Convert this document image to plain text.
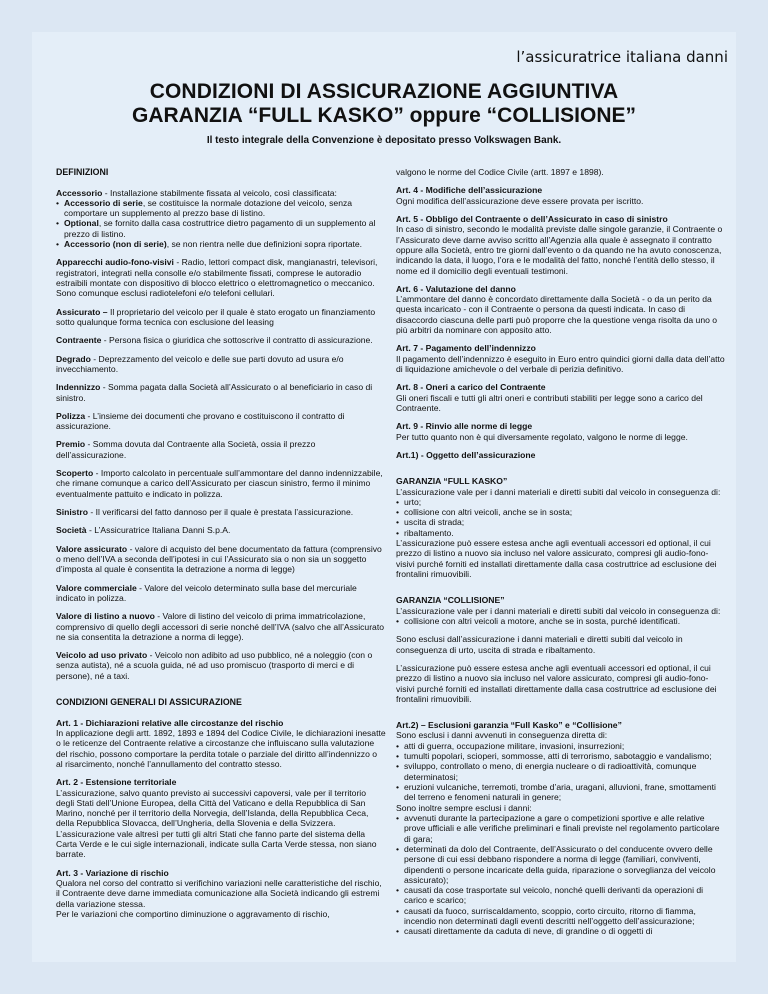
l’assicuratrice italiana danni
CONDIZIONI DI ASSICURAZIONE AGGIUNTIVA
GARANZIA “FULL KASKO” oppure “COLLISIONE”
Il testo integrale della Convenzione è depositato presso Volkswagen Bank.
DEFINIZIONI

Accessorio - Installazione stabilmente fissata al veicolo, così classificata:

• Accessorio di serie, se costituisce la normale dotazione del veicolo, senza comportare un supplemento al prezzo base di listino.
• Optional, se fornito dalla casa costruttrice dietro pagamento di un supplemento al prezzo di listino.
• Accessorio (non di serie), se non rientra nelle due definizioni sopra riportate.

Apparecchi audio-fono-visivi - Radio, lettori compact disk, mangianastri, televisori, registratori, integrati nella consolle e/o stabilmente fissati, comprese le autoradio estraibili montate con dispositivo di blocco elettrico o elettromagnetico o meccanico. Sono comunque esclusi radiotelefoni e/o telefoni cellulari.

Assicurato – Il proprietario del veicolo per il quale è stato erogato un finanziamento sotto qualunque forma tecnica con esclusione del leasing

Contraente - Persona fisica o giuridica che sottoscrive il contratto di assicurazione.

Degrado - Deprezzamento del veicolo e delle sue parti dovuto ad usura e/o invecchiamento.

Indennizzo - Somma pagata dalla Società all’Assicurato o al beneficiario in caso di sinistro.

Polizza - L’insieme dei documenti che provano e costituiscono il contratto di assicurazione.

Premio - Somma dovuta dal Contraente alla Società, ossia il prezzo dell’assicurazione.

Scoperto - Importo calcolato in percentuale sull’ammontare del danno indennizzabile, che rimane comunque a carico dell’Assicurato per ciascun sinistro, fermo il minimo eventualmente pattuito e indicato in polizza.

Sinistro - Il verificarsi del fatto dannoso per il quale è prestata l’assicurazione.

Società - L’Assicuratrice Italiana Danni S.p.A.

Valore assicurato - valore di acquisto del bene documentato da fattura (comprensivo o meno dell’IVA a seconda dell’ipotesi in cui l’Assicurato sia o non sia un soggetto d’imposta al quale è consentita la detrazione a norma di legge)

Valore commerciale - Valore del veicolo determinato sulla base del mercuriale indicato in polizza.

Valore di listino a nuovo - Valore di listino del veicolo di prima immatricolazione, comprensivo di quello degli accessori di serie nonché dell’IVA (salvo che all’Assicurato ne sia consentita la detrazione a norma di legge).

Veicolo ad uso privato - Veicolo non adibito ad uso pubblico, né a noleggio (con o senza autista), né a scuola guida, né ad uso promiscuo (trasporto di merci e di persone), né a taxi.

CONDIZIONI GENERALI DI ASSICURAZIONE

Art. 1 - Dichiarazioni relative alle circostanze del rischio

In applicazione degli artt. 1892, 1893 e 1894 del Codice Civile, le dichiarazioni inesatte o le reticenze del Contraente relative a circostanze che influiscano sulla valutazione del rischio, possono comportare la perdita totale o parziale del diritto all’indennizzo o al risarcimento, nonché l’annullamento del contratto stesso.

Art. 2 - Estensione territoriale

L’assicurazione, salvo quanto previsto ai successivi capoversi, vale per il territorio degli Stati dell’Unione Europea, della Città del Vaticano e della Repubblica di San Marino, nonché per il territorio della Norvegia, dell’Islanda, della Repubblica Ceca, della Repubblica Slovacca, dell’Ungheria, della Slovenia e della Svizzera. L’assicurazione vale altresì per tutti gli altri Stati che fanno parte del sistema della Carta Verde e le cui sigle internazionali, indicate sulla Carta Verde stessa, non siano barrate.

Art. 3 - Variazione di rischio

Qualora nel corso del contratto si verifichino variazioni nelle caratteristiche del rischio, il Contraente deve darne immediata comunicazione alla Società indicando gli estremi della variazione stessa.

Per le variazioni che comportino diminuzione o aggravamento di rischio,

valgono le norme del Codice Civile (artt. 1897 e 1898).

Art. 4 - Modifiche dell’assicurazione

Ogni modifica dell’assicurazione deve essere provata per iscritto.

Art. 5 - Obbligo del Contraente o dell’Assicurato in caso di sinistro

In caso di sinistro, secondo le modalità previste dalle singole garanzie, il Contraente o l’Assicurato deve darne avviso scritto all’Agenzia alla quale è assegnato il contratto oppure alla Società, entro tre giorni dall’evento o da quando ne ha avuto conoscenza, indicando la data, il luogo, l’ora e le modalità del fatto, nonché l’entità dello stesso, il nome ed il domicilio degli eventuali testimoni.

Art. 6 - Valutazione del danno

L’ammontare del danno è concordato direttamente dalla Società - o da un perito da questa incaricato - con il Contraente o persona da questi indicata. In caso di disaccordo ciascuna delle parti può proporre che la questione venga risolta da uno o più arbitri da nominare con apposito atto.

Art. 7 - Pagamento dell’indennizzo

Il pagamento dell’indennizzo è eseguito in Euro entro quindici giorni dalla data dell’atto di liquidazione amichevole o del verbale di perizia definitivo.

Art. 8 - Oneri a carico del Contraente

Gli oneri fiscali e tutti gli altri oneri e contributi stabiliti per legge sono a carico del Contraente.

Art. 9 - Rinvio alle norme di legge

Per tutto quanto non è qui diversamente regolato, valgono le norme di legge.

Art.1) - Oggetto dell’assicurazione

GARANZIA “FULL KASKO”

L’assicurazione vale per i danni materiali e diretti subiti dal veicolo in conseguenza di:

• urto;
• collisione con altri veicoli, anche se in sosta;
• uscita di strada;
• ribaltamento.

L’assicurazione può essere estesa anche agli eventuali accessori ed optional, il cui prezzo di listino a nuovo sia incluso nel valore assicurato, compresi gli audio-fono-visivi purché forniti ed installati direttamente dalla casa costruttrice ad esclusione dei frontalini rimuovibili.

GARANZIA “COLLISIONE”

L’assicurazione vale per i danni materiali e diretti subiti dal veicolo in conseguenza di:

• collisione con altri veicoli a motore, anche se in sosta, purché identificati.

Sono esclusi dall’assicurazione i danni materiali e diretti subiti dal veicolo in conseguenza di urto, uscita di strada e ribaltamento.

L’assicurazione può essere estesa anche agli eventuali accessori ed optional, il cui prezzo di listino a nuovo sia incluso nel valore assicurato, compresi gli audio-fono-visivi purché forniti ed installati direttamente dalla casa costruttrice ad esclusione dei frontalini rimuovibili.

Art.2) – Esclusioni garanzia “Full Kasko” e “Collisione”

Sono esclusi i danni avvenuti in conseguenza diretta di:

• atti di guerra, occupazione militare, invasioni, insurrezioni;
• tumulti popolari, scioperi, sommosse, atti di terrorismo, sabotaggio e vandalismo;
• sviluppo, controllato o meno, di energia nucleare o di radioattività, comunque determinatosi;
• eruzioni vulcaniche, terremoti, trombe d’aria, uragani, alluvioni, frane, smottamenti del terreno e fenomeni naturali in genere;

Sono inoltre sempre esclusi i danni:

• avvenuti durante la partecipazione a gare o competizioni sportive e alle relative prove ufficiali e alle verifiche preliminari e finali previste nel regolamento particolare di gara;
• determinati da dolo del Contraente, dell’Assicurato o del conducente ovvero delle persone di cui essi debbano rispondere a norma di legge (familiari, conviventi, dipendenti o persone incaricate della guida, riparazione o sorveglianza del veicolo assicurato);
• causati da cose trasportate sul veicolo, nonché quelli derivanti da operazioni di carico e scarico;
• causati da fuoco, surriscaldamento, scoppio, corto circuito, ritorno di fiamma, incendio non determinati dagli eventi descritti nell’oggetto dell’assicurazione;
• causati direttamente da caduta di neve, di grandine o di oggetti di
